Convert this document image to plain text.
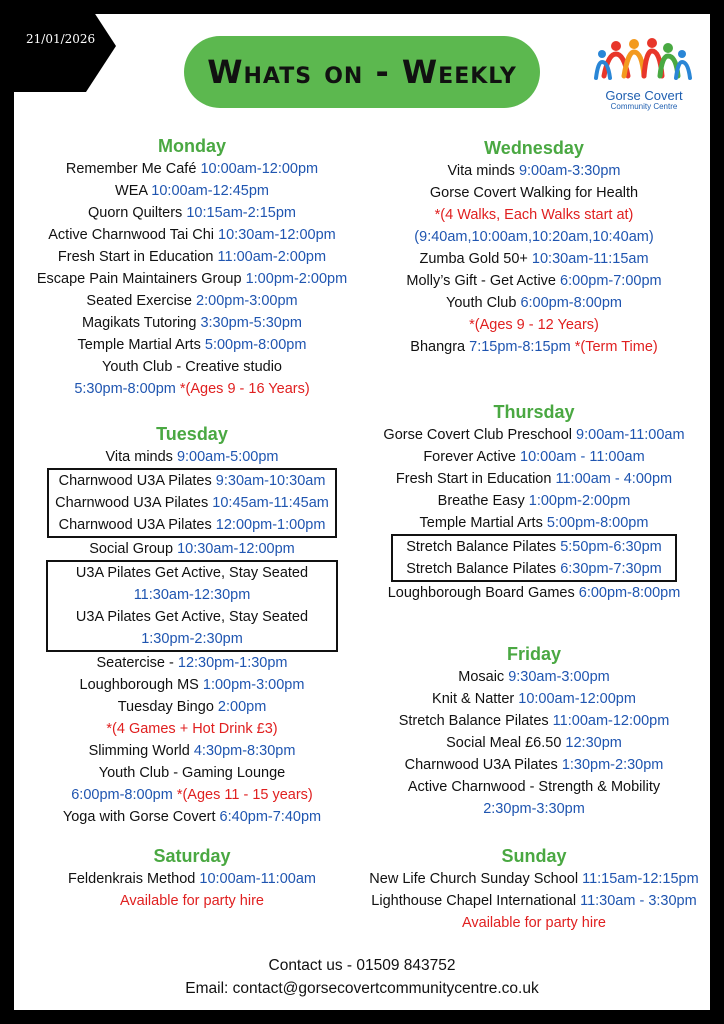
21/01/2026
Whats on - Weekly
Gorse Covert
Community Centre
Monday
Remember Me Café 10:00am-12:00pm
WEA 10:00am-12:45pm
Quorn Quilters 10:15am-2:15pm
Active Charnwood Tai Chi 10:30am-12:00pm
Fresh Start in Education 11:00am-2:00pm
Escape Pain Maintainers Group 1:00pm-2:00pm
Seated Exercise 2:00pm-3:00pm
Magikats Tutoring 3:30pm-5:30pm
Temple Martial Arts 5:00pm-8:00pm
Youth Club - Creative studio
5:30pm-8:00pm *(Ages 9 - 16 Years)
Tuesday
Vita minds 9:00am-5:00pm
Charnwood U3A Pilates 9:30am-10:30am
Charnwood U3A Pilates 10:45am-11:45am
Charnwood U3A Pilates 12:00pm-1:00pm
Social Group 10:30am-12:00pm
U3A Pilates Get Active, Stay Seated
11:30am-12:30pm
U3A Pilates Get Active, Stay Seated
1:30pm-2:30pm
Seatercise - 12:30pm-1:30pm
Loughborough MS 1:00pm-3:00pm
Tuesday Bingo 2:00pm
*(4 Games + Hot Drink £3)
Slimming World 4:30pm-8:30pm
Youth Club - Gaming Lounge
6:00pm-8:00pm *(Ages 11 - 15 years)
Yoga with Gorse Covert 6:40pm-7:40pm
Wednesday
Vita minds 9:00am-3:30pm
Gorse Covert Walking for Health
*(4 Walks, Each Walks start at)
(9:40am,10:00am,10:20am,10:40am)
Zumba Gold 50+ 10:30am-11:15am
Molly’s Gift - Get Active 6:00pm-7:00pm
Youth Club 6:00pm-8:00pm
*(Ages 9 - 12 Years)
Bhangra 7:15pm-8:15pm *(Term Time)
Thursday
Gorse Covert Club Preschool 9:00am-11:00am
Forever Active 10:00am - 11:00am
Fresh Start in Education 11:00am - 4:00pm
Breathe Easy 1:00pm-2:00pm
Temple Martial Arts 5:00pm-8:00pm
Stretch Balance Pilates 5:50pm-6:30pm
Stretch Balance Pilates 6:30pm-7:30pm
Loughborough Board Games 6:00pm-8:00pm
Friday
Mosaic 9:30am-3:00pm
Knit & Natter 10:00am-12:00pm
Stretch Balance Pilates 11:00am-12:00pm
Social Meal £6.50 12:30pm
Charnwood U3A Pilates 1:30pm-2:30pm
Active Charnwood - Strength & Mobility
2:30pm-3:30pm
Saturday
Feldenkrais Method 10:00am-11:00am
Available for party hire
Sunday
New Life Church Sunday School 11:15am-12:15pm
Lighthouse Chapel International 11:30am - 3:30pm
Available for party hire
Contact us - 01509 843752
Email: contact@gorsecovertcommunitycentre.co.uk
